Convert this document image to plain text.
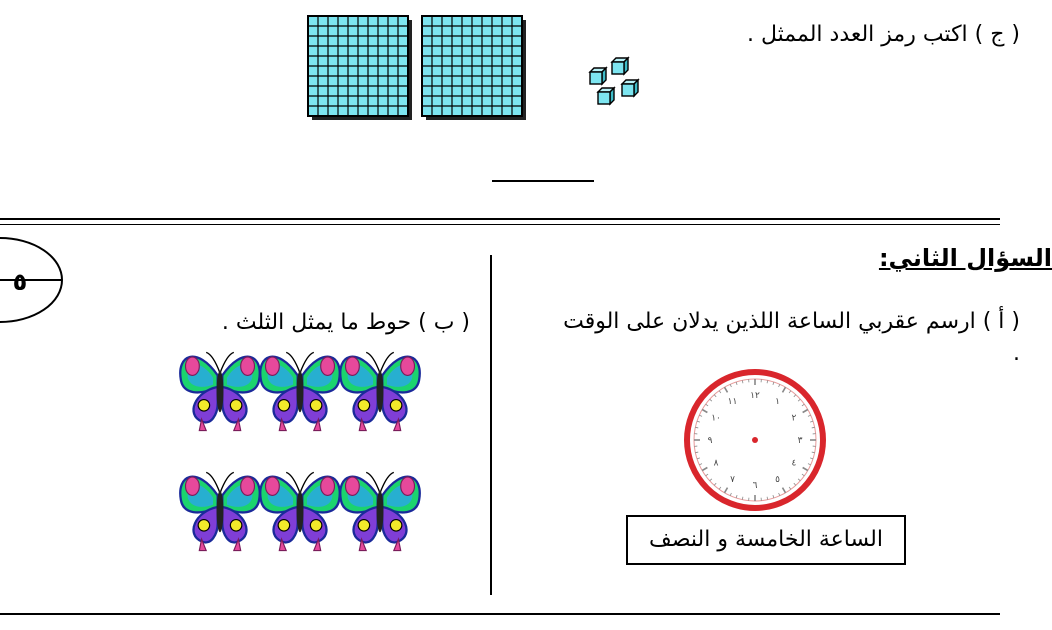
( ج ) اكتب رمز العدد الممثل .
٥
السؤال الثاني:
( أ ) ارسم عقربي الساعة اللذين يدلان على الوقت .
١٢
١
٢
٣
٤
٥
٦
٧
٨
٩
١٠
١١
الساعة الخامسة و النصف
( ب ) حوط ما يمثل الثلث .
